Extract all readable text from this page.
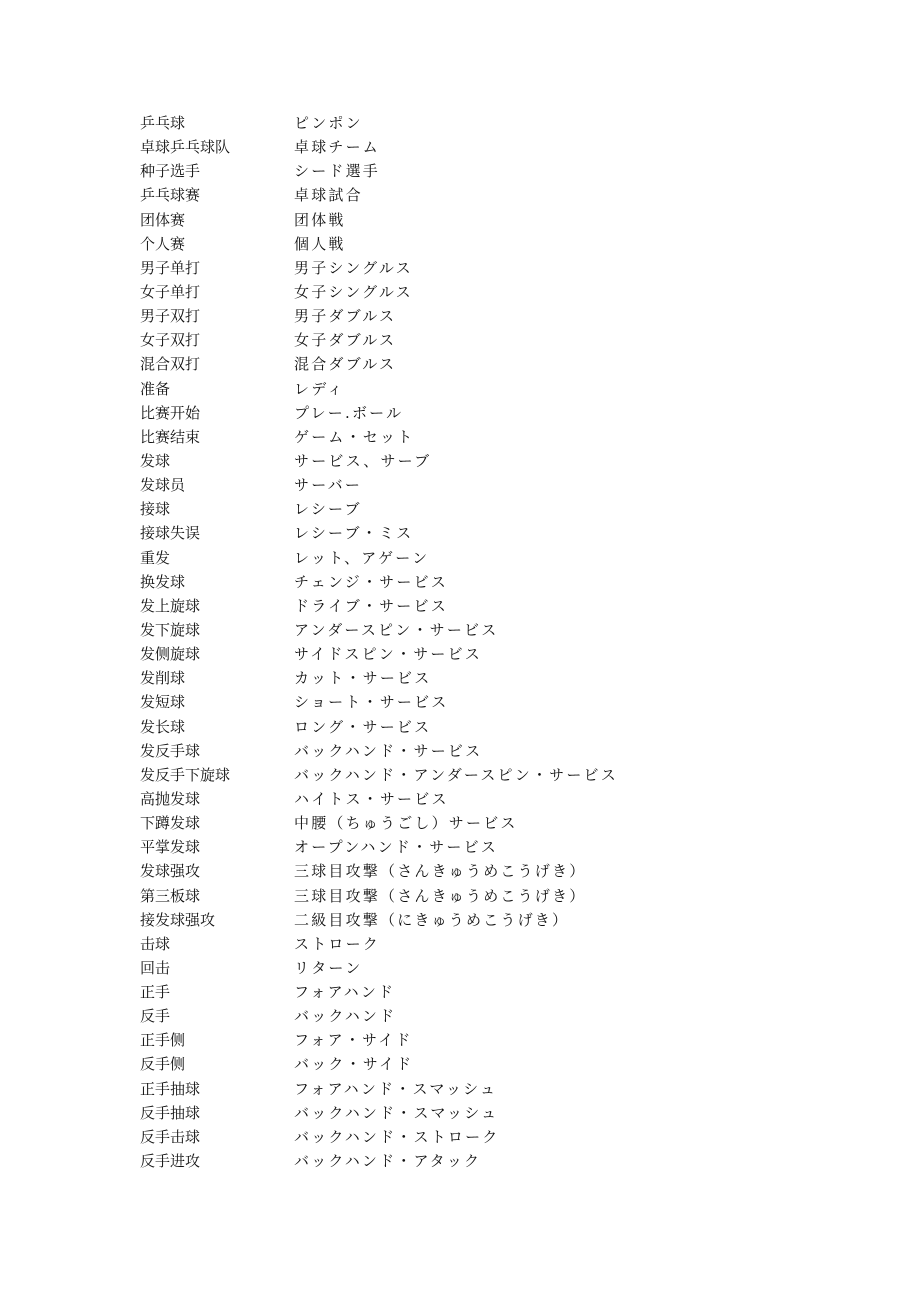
乒乓球	ピンポン
卓球乒乓球队	卓球チーム
种子选手	シード選手
乒乓球赛	卓球試合
团体赛	团体戦
个人赛	個人戦
男子单打	男子シングルス
女子单打	女子シングルス
男子双打	男子ダブルス
女子双打	女子ダブルス
混合双打	混合ダブルス
准备	レディ
比赛开始	プレー.ボール
比赛结束	ゲーム・セット
发球	サービス、サーブ
发球员	サーバー
接球	レシーブ
接球失误	レシーブ・ミス
重发	レット、アゲーン
换发球	チェンジ・サービス
发上旋球	ドライブ・サービス
发下旋球	アンダースピン・サービス
发侧旋球	サイドスピン・サービス
发削球	カット・サービス
发短球	ショート・サービス
发长球	ロング・サービス
发反手球	バックハンド・サービス
发反手下旋球	バックハンド・アンダースピン・サービス
高抛发球	ハイトス・サービス
下蹲发球	中腰（ちゅうごし）サービス
平掌发球	オープンハンド・サービス
发球强攻	三球目攻撃（さんきゅうめこうげき）
第三板球	三球目攻撃（さんきゅうめこうげき）
接发球强攻	二級目攻撃（にきゅうめこうげき）
击球	ストローク
回击	リターン
正手	フォアハンド
反手	バックハンド
正手侧	フォア・サイド
反手侧	バック・サイド
正手抽球	フォアハンド・スマッシュ
反手抽球	バックハンド・スマッシュ
反手击球	バックハンド・ストローク
反手进攻	バックハンド・アタック
